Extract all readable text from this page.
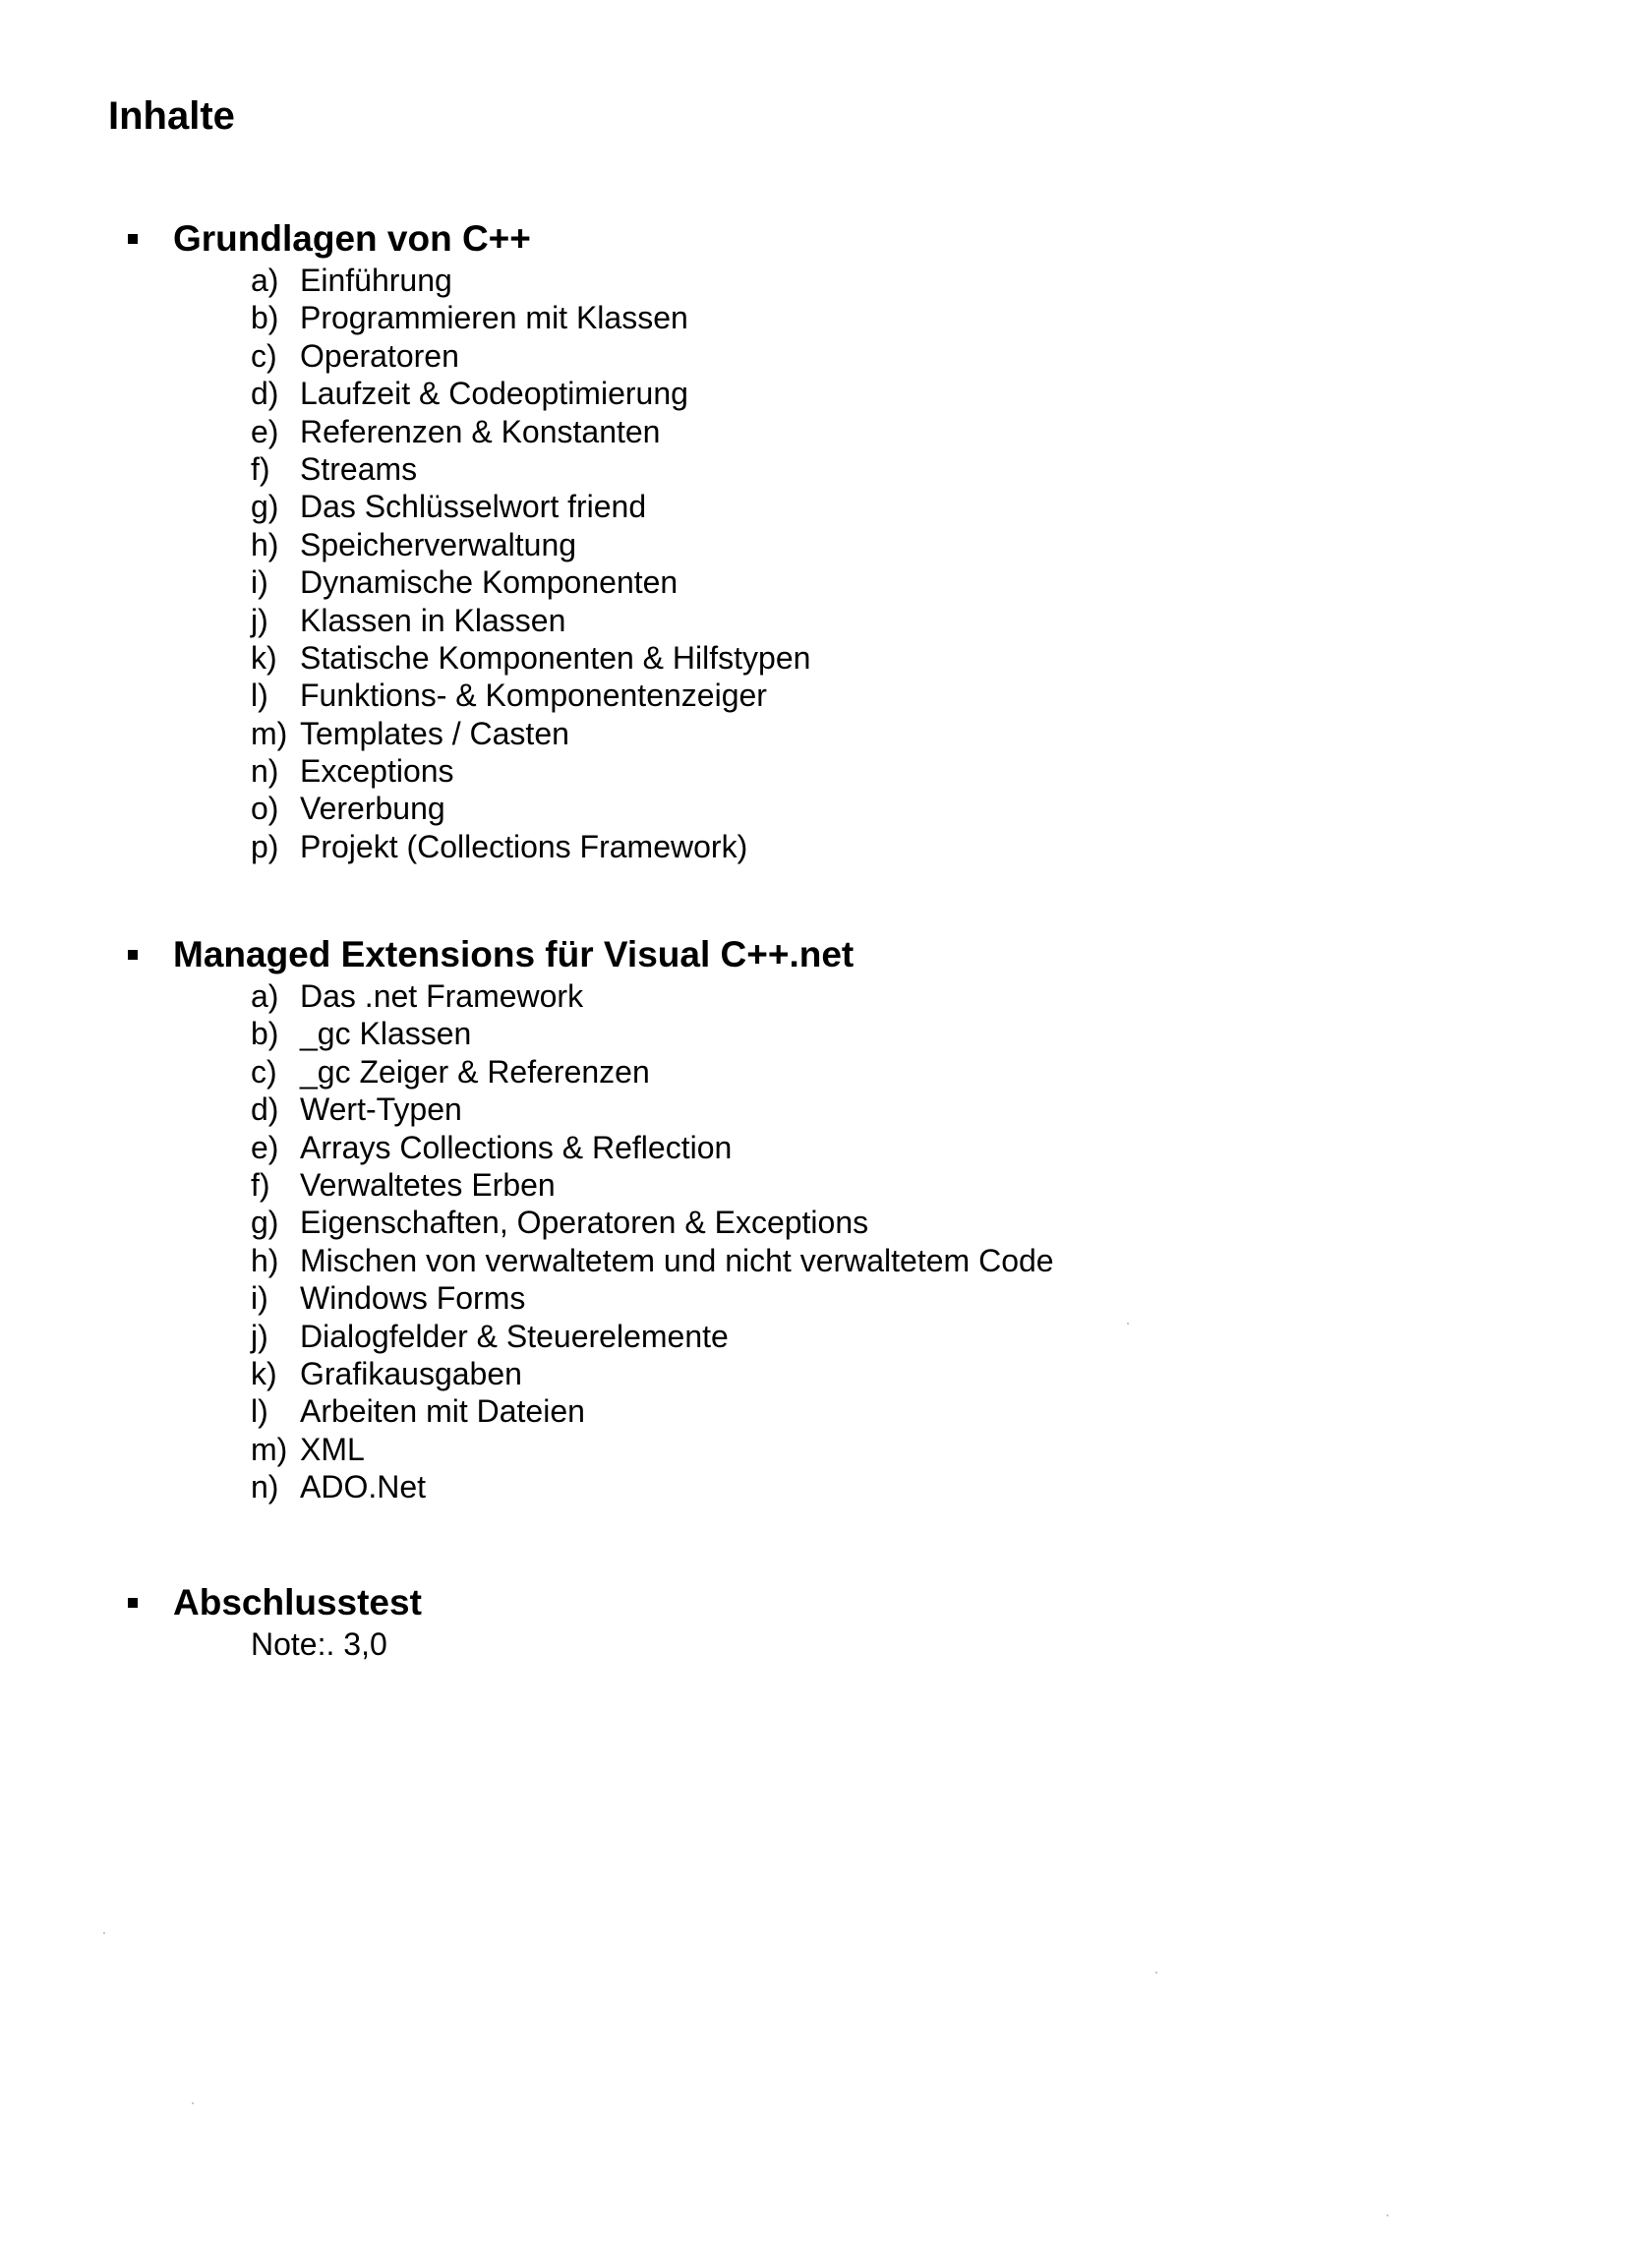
Inhalte
Grundlagen von C++
a) Einführung
b) Programmieren mit Klassen
c) Operatoren
d) Laufzeit & Codeoptimierung
e) Referenzen & Konstanten
f) Streams
g) Das Schlüsselwort friend
h) Speicherverwaltung
i)	Dynamische Komponenten
j)	Klassen in Klassen
k) Statische Komponenten & Hilfstypen
l)	Funktions- & Komponentenzeiger
m) Templates / Casten
n) Exceptions
o) Vererbung
p) Projekt (Collections Framework)
Managed Extensions für Visual C++.net
a) Das .net Framework
b) _gc Klassen
c) _gc Zeiger & Referenzen
d) Wert-Typen
e) Arrays Collections & Reflection
f) Verwaltetes Erben
g) Eigenschaften, Operatoren & Exceptions
h) Mischen von verwaltetem und nicht verwaltetem Code
i)	Windows Forms
j)	Dialogfelder & Steuerelemente
k) Grafikausgaben
l)	Arbeiten mit Dateien
m) XML
n) ADO.Net
Abschlusstest
Note:. 3,0
